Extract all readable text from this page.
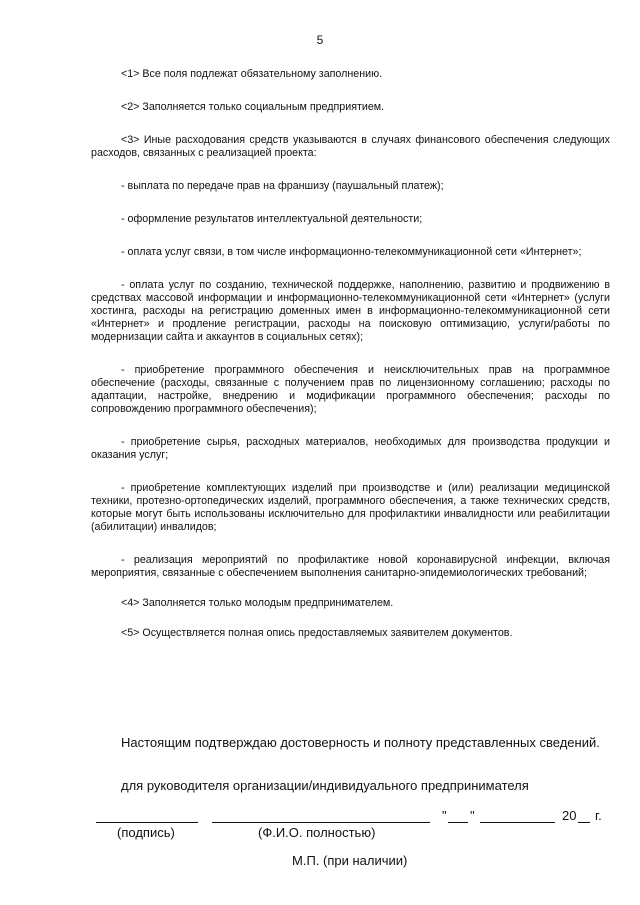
5

<1> Все поля подлежат обязательному заполнению.

<2> Заполняется только социальным предприятием.

<3> Иные расходования средств указываются в случаях финансового обеспечения следующих расходов, связанных с реализацией проекта:

- выплата по передаче прав на франшизу (паушальный платеж);

- оформление результатов интеллектуальной деятельности;

- оплата услуг связи, в том числе информационно-телекоммуникационной сети «Интернет»;

- оплата услуг по созданию, технической поддержке, наполнению, развитию и продвижению в средствах массовой информации и информационно-телекоммуникационной сети «Интернет» (услуги хостинга, расходы на регистрацию доменных имен в информационно-телекоммуникационной сети «Интернет» и продление регистрации, расходы на поисковую оптимизацию, услуги/работы по модернизации сайта и аккаунтов в социальных сетях);

- приобретение программного обеспечения и неисключительных прав на программное обеспечение (расходы, связанные с получением прав по лицензионному соглашению; расходы по адаптации, настройке, внедрению и модификации программного обеспечения; расходы по сопровождению программного обеспечения);

- приобретение сырья, расходных материалов, необходимых для производства продукции и оказания услуг;

- приобретение комплектующих изделий при производстве и (или) реализации медицинской техники, протезно-ортопедических изделий, программного обеспечения, а также технических средств, которые могут быть использованы исключительно для профилактики инвалидности или реабилитации (абилитации) инвалидов;

- реализация мероприятий по профилактике новой коронавирусной инфекции, включая мероприятия, связанные с обеспечением выполнения санитарно-эпидемиологических требований;

<4> Заполняется только молодым предпринимателем.

<5> Осуществляется полная опись предоставляемых заявителем документов.

Настоящим подтверждаю достоверность и полноту представленных сведений.

для руководителя организации/индивидуального предпринимателя

" "	20 г.
(подпись)	(Ф.И.О. полностью)
М.П. (при наличии)
